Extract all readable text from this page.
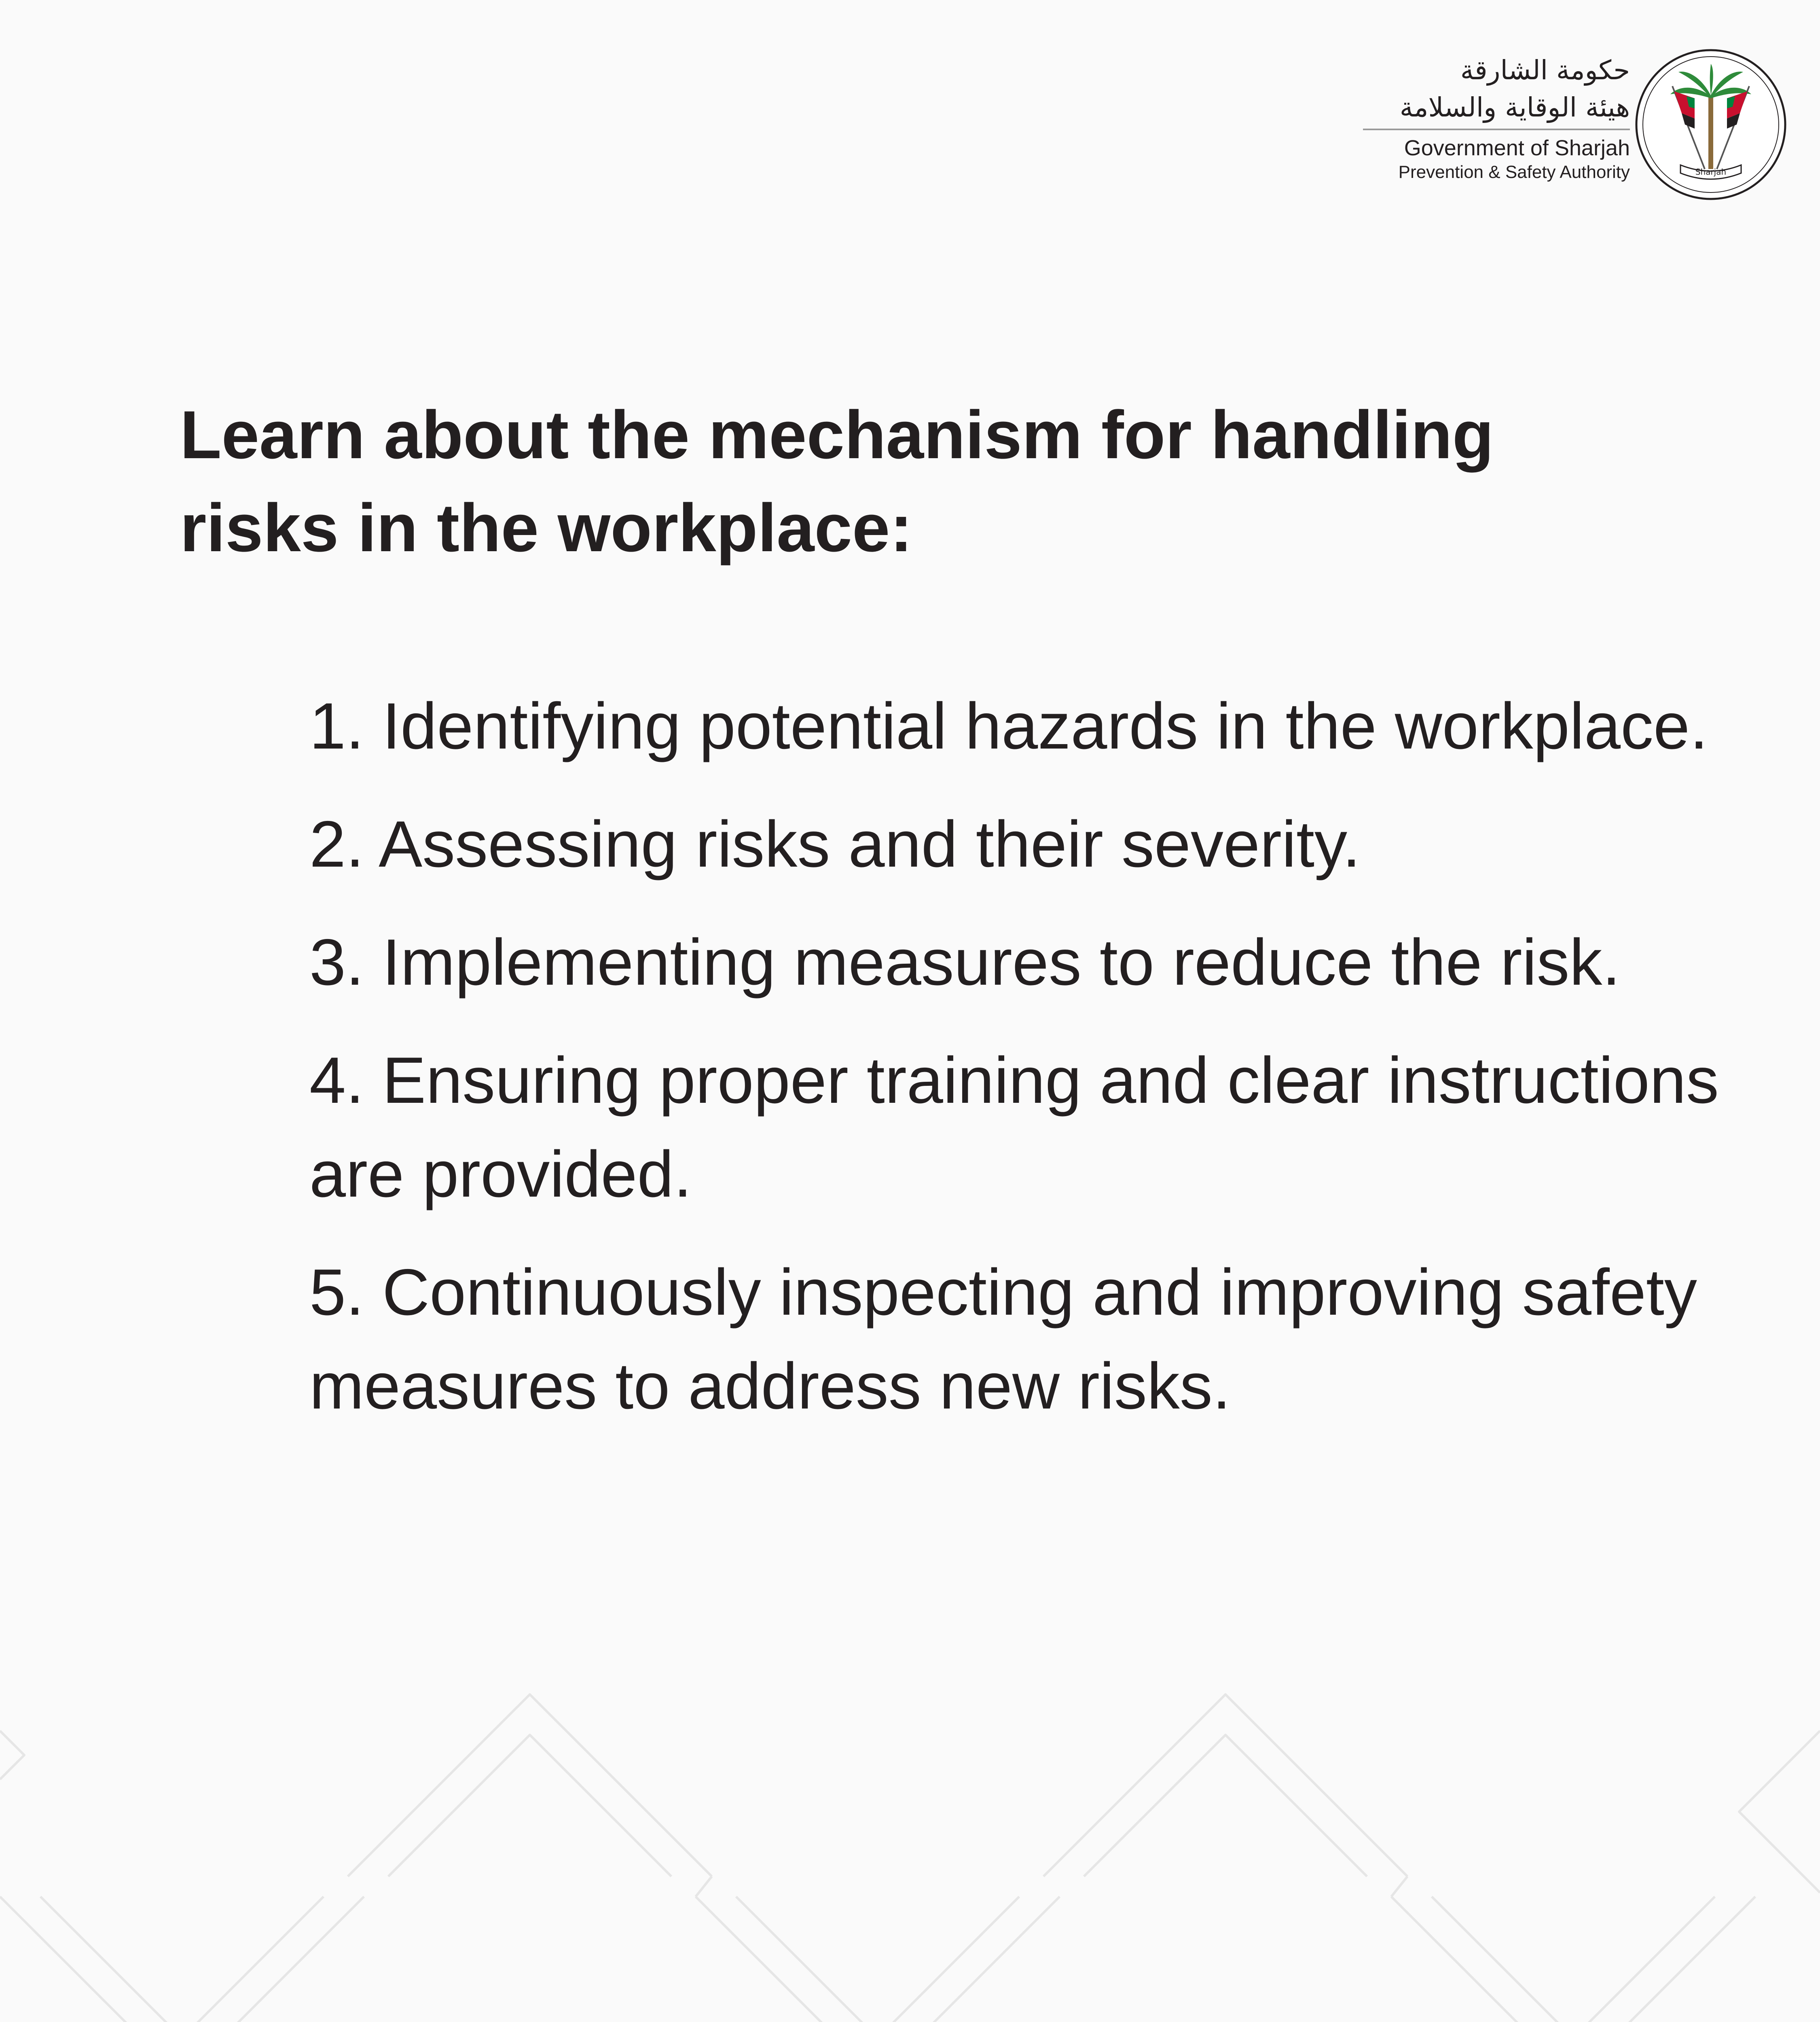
حكومة الشارقة
هيئة الوقاية والسلامة
Government of Sharjah
Prevention & Safety Authority	Sharjah
Learn about the mechanism for handling risks in the workplace:
1. Identifying potential hazards in the workplace.
2. Assessing risks and their severity.
3. Implementing measures to reduce the risk.
4. Ensuring proper training and clear instructions are provided.
5. Continuously inspecting and improving safety measures to address new risks.
